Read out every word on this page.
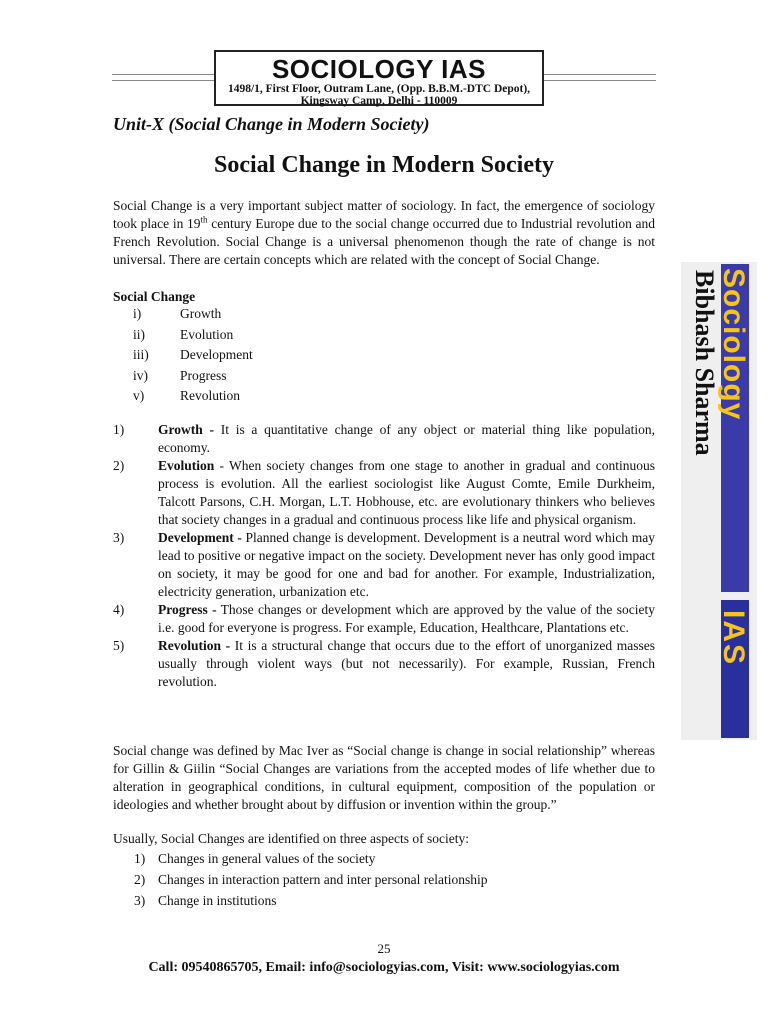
SOCIOLOGY IAS
1498/1, First Floor, Outram Lane, (Opp. B.B.M.-DTC Depot),
Kingsway Camp, Delhi - 110009
Unit-X (Social Change in Modern Society)
Social Change in Modern Society
Social Change is a very important subject matter of sociology. In fact, the emergence of sociology took place in 19th century Europe due to the social change occurred due to Industrial revolution and French Revolution. Social Change is a universal phenomenon though the rate of change is not universal. There are certain concepts which are related with the concept of Social Change.
Social Change
i)	Growth
ii)	Evolution
iii) Development
iv) Progress
v)	Revolution
1)	Growth - It is a quantitative change of any object or material thing like population, economy.
2)	Evolution - When society changes from one stage to another in gradual and continuous process is evolution. All the earliest sociologist like August Comte, Emile Durkheim, Talcott Parsons, C.H. Morgan, L.T. Hobhouse, etc. are evolutionary thinkers who believes that society changes in a gradual and continuous process like life and physical organism.
3)	Development - Planned change is development. Development is a neutral word which may lead to positive or negative impact on the society. Development never has only good impact on society, it may be good for one and bad for another. For example, Industrialization, electricity generation, urbanization etc.
4)	Progress - Those changes or development which are approved by the value of the society i.e. good for everyone is progress. For example, Education, Healthcare, Plantations etc.
5)	Revolution - It is a structural change that occurs due to the effort of unorganized masses usually through violent ways (but not necessarily). For example, Russian, French revolution.
Social change was defined by Mac Iver as “Social change is change in social relationship” whereas for Gillin & Giilin “Social Changes are variations from the accepted modes of life whether due to alteration in geographical conditions, in cultural equipment, composition of the population or ideologies and whether brought about by diffusion or invention within the group.”
Usually, Social Changes are identified on three aspects of society:
1) Changes in general values of the society
2) Changes in interaction pattern and inter personal relationship
3) Change in institutions
25
Call: 09540865705, Email: info@sociologyias.com, Visit: www.sociologyias.com
Sociology
IAS
Bibhash Sharma
